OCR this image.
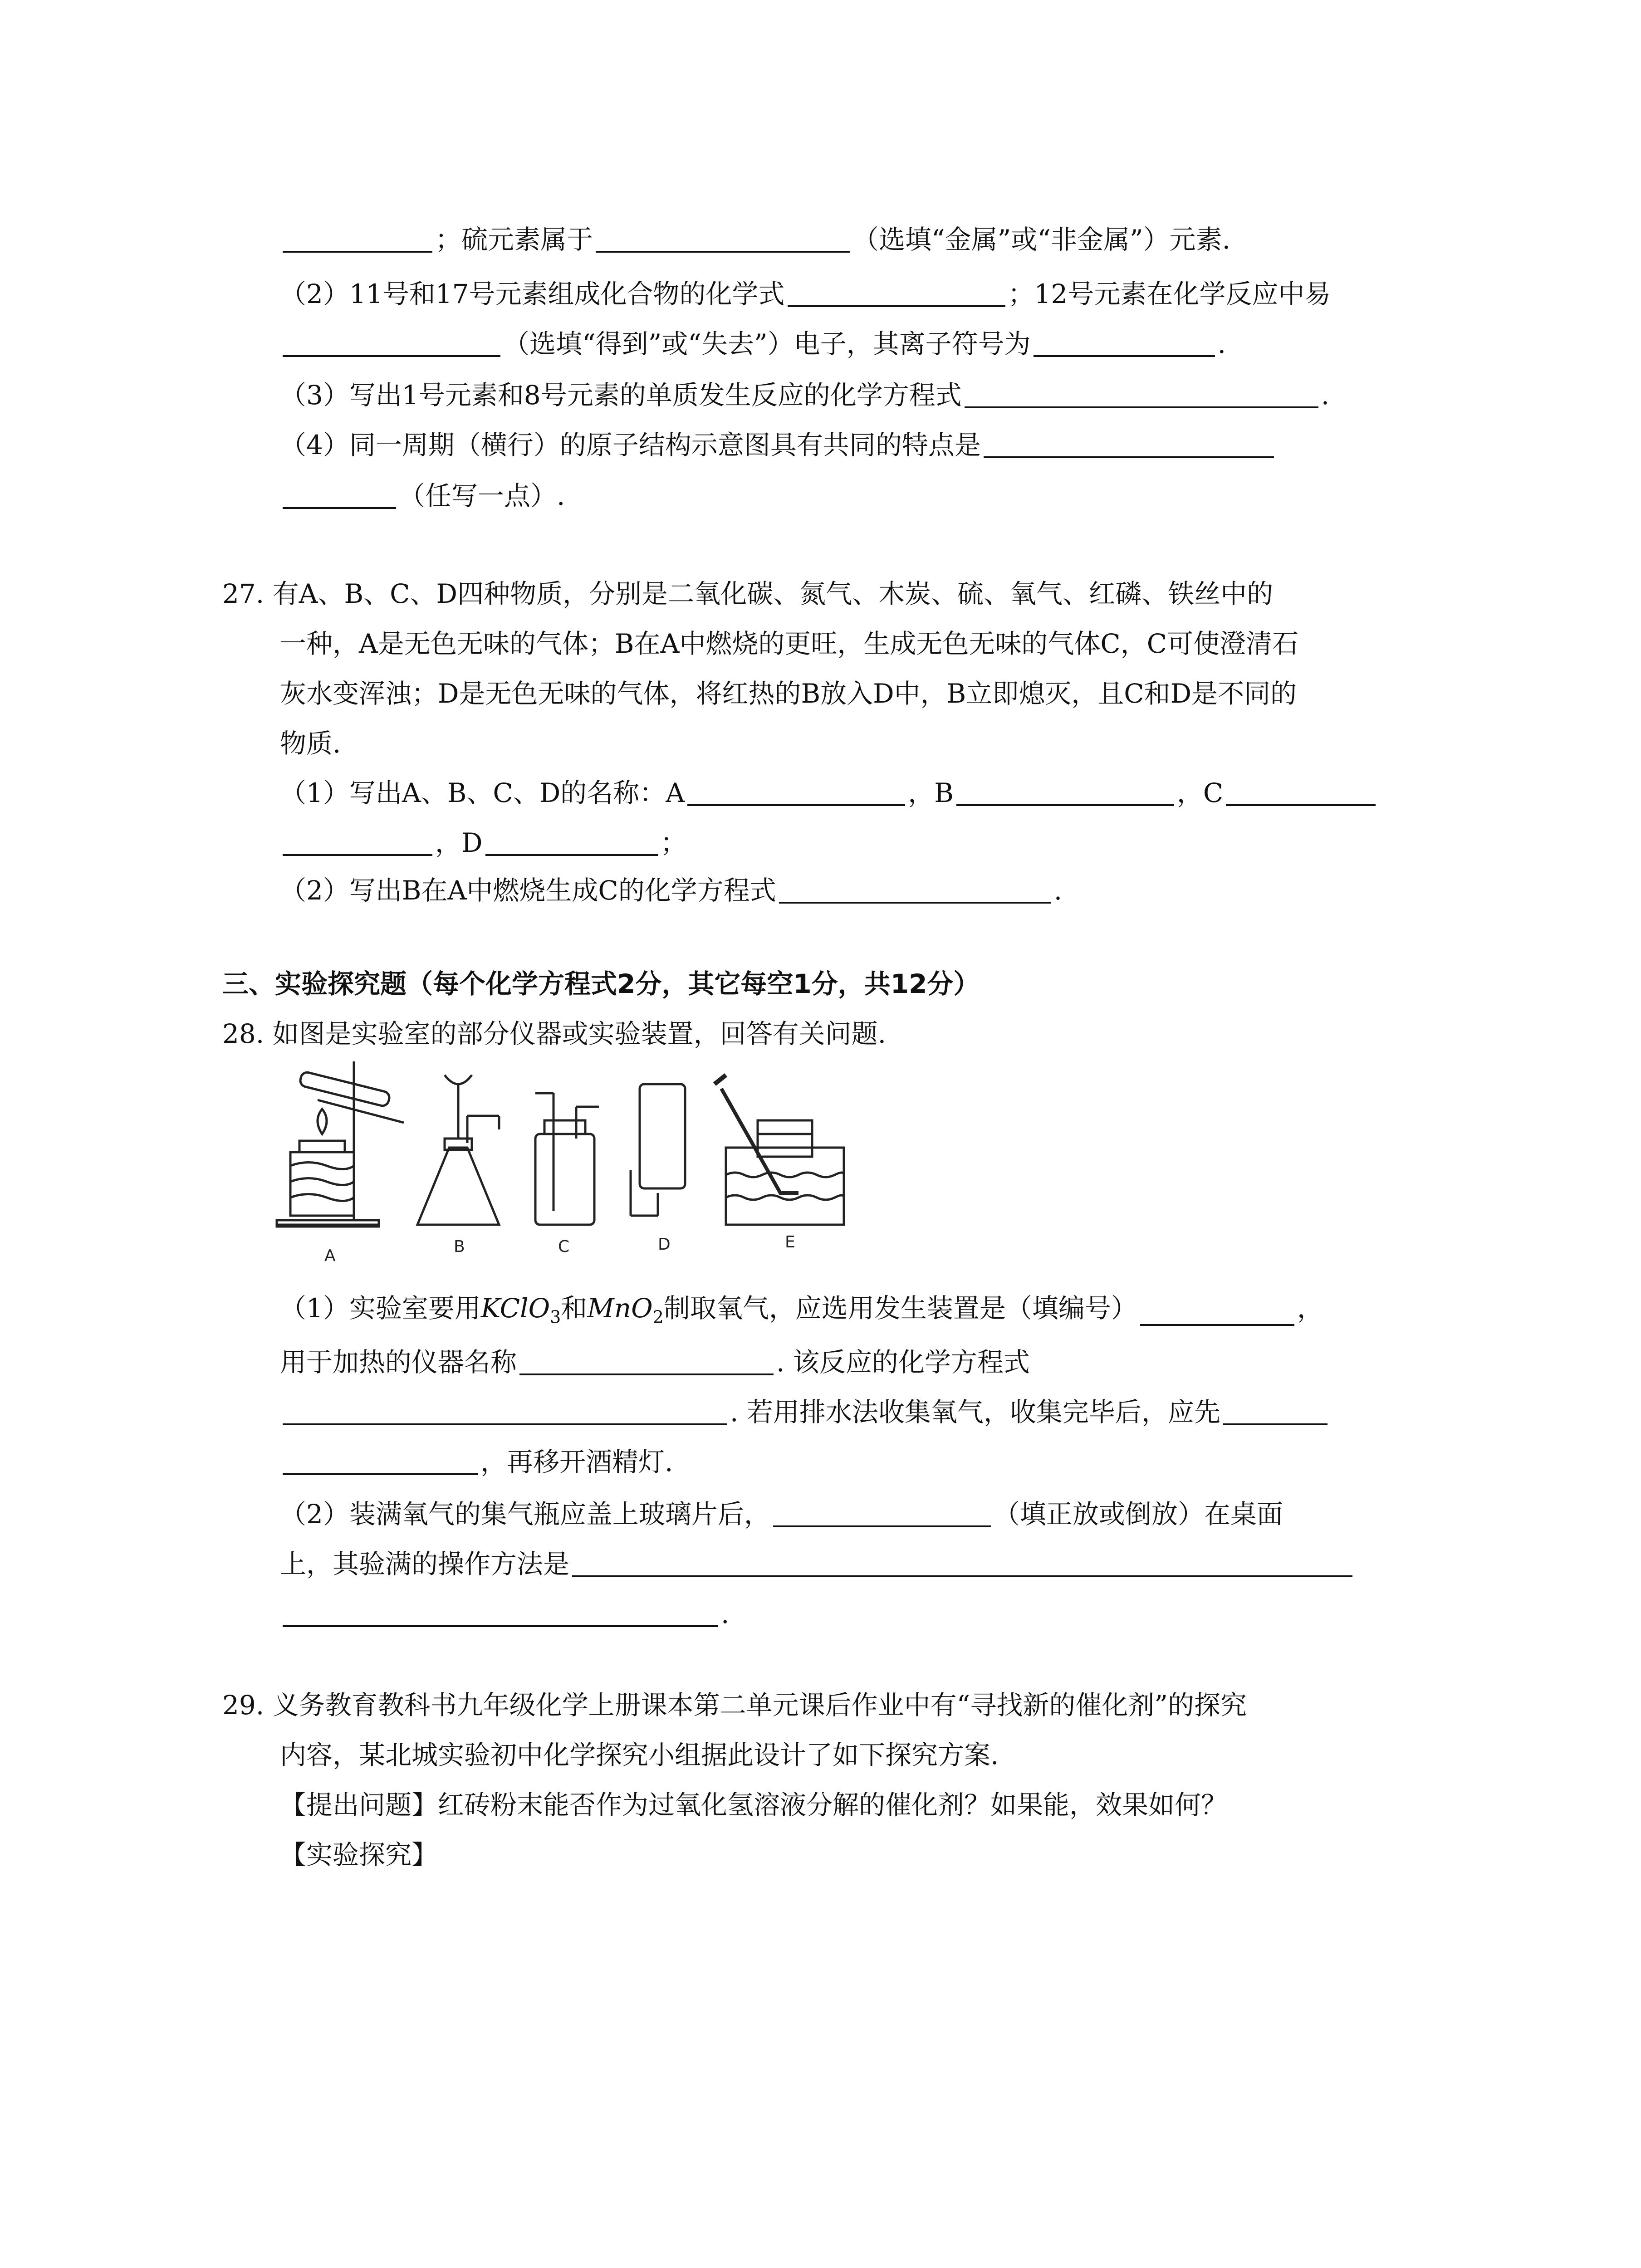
；硫元素属于	（选填“金属”或“非金属”）元素.
（2）11号和17号元素组成化合物的化学式	；12号元素在化学反应中易
（选填“得到”或“失去”）电子，其离子符号为	.
（3）写出1号元素和8号元素的单质发生反应的化学方程式	.
（4）同一周期（横行）的原子结构示意图具有共同的特点是
（任写一点）.
27. 有A、B、C、D四种物质，分别是二氧化碳、氮气、木炭、硫、氧气、红磷、铁丝中的
一种，A是无色无味的气体；B在A中燃烧的更旺，生成无色无味的气体C，C可使澄清石
灰水变浑浊；D是无色无味的气体，将红热的B放入D中，B立即熄灭，且C和D是不同的
物质.
（1）写出A、B、C、D的名称：A	，B	，C
，D	；
（2）写出B在A中燃烧生成C的化学方程式	.
三、实验探究题（每个化学方程式2分，其它每空1分，共12分）
28. 如图是实验室的部分仪器或实验装置，回答有关问题.
A	B	C	D	E
（1）实验室要用KClO$_3$和MnO$_2$制取氧气，应选用发生装置是（填编号）	，
用于加热的仪器名称	. 该反应的化学方程式
. 若用排水法收集氧气，收集完毕后，应先
，再移开酒精灯.
（2）装满氧气的集气瓶应盖上玻璃片后，	（填正放或倒放）在桌面
上，其验满的操作方法是
.
29. 义务教育教科书九年级化学上册课本第二单元课后作业中有“寻找新的催化剂”的探究
内容，某北城实验初中化学探究小组据此设计了如下探究方案.
【提出问题】红砖粉末能否作为过氧化氢溶液分解的催化剂？如果能，效果如何？
【实验探究】
